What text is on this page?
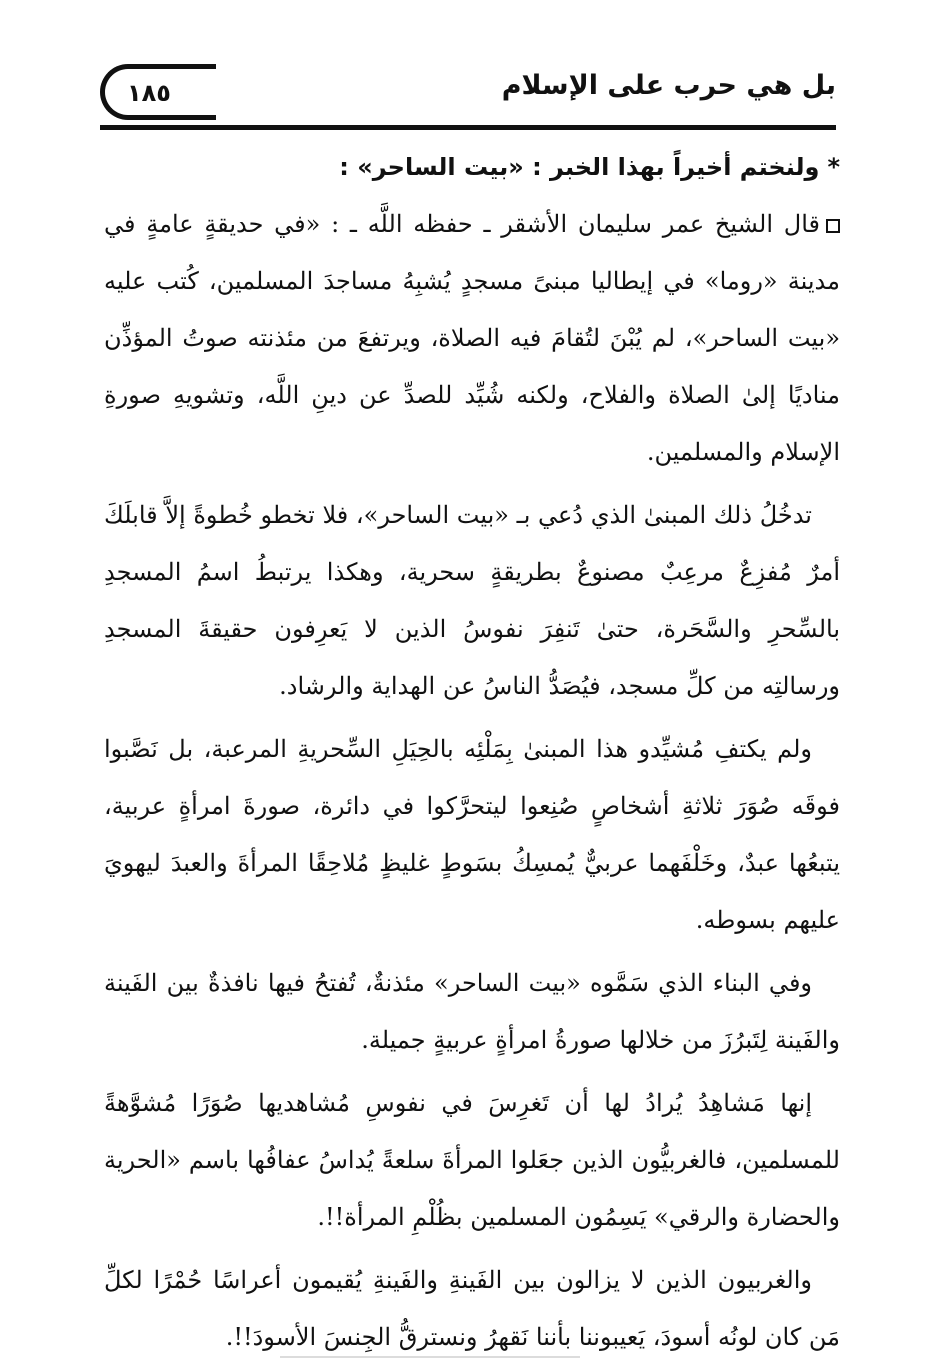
بل هي حرب على الإسلام
١٨٥
*ولنختم أخيراً بهذا الخبر : «بيت الساحر» :

قال الشيخ عمر سليمان الأشقر ـ حفظه اللَّه ـ : «في حديقةٍ عامةٍ في مدينة «روما» في إيطاليا مبنىً مسجدٍ يُشبِهُ مساجدَ المسلمين، كُتب عليه «بيت الساحر»، لم يُبْنَ لتُقامَ فيه الصلاة، ويرتفعَ من مئذنته صوتُ المؤذِّن مناديًا إلىٰ الصلاة والفلاح، ولكنه شُيِّد للصدِّ عن دينِ اللَّه، وتشويهِ صورةِ الإسلام والمسلمين.

تدخُلُ ذلك المبنىٰ الذي دُعي بـ «بيت الساحر»، فلا تخطو خُطوةً إلاَّ قابلَكَ أمرٌ مُفزِعٌ مرعِبٌ مصنوعٌ بطريقةٍ سحرية، وهكذا يرتبطُ اسمُ المسجدِ بالسِّحرِ والسَّحَرة، حتىٰ تَنفِرَ نفوسُ الذين لا يَعرِفون حقيقةَ المسجدِ ورسالتِه من كلِّ مسجد، فيُصَدُّ الناسُ عن الهداية والرشاد.

ولم يكتفِ مُشيِّدو هذا المبنىٰ بِمَلْئِه بالحِيَلِ السِّحريةِ المرعبة، بل نَصَّبوا فوقَه صُوَرَ ثلاثةِ أشخاصٍ صُنِعوا ليتحرَّكوا في دائرة، صورةَ امرأةٍ عربية، يتبعُها عبدٌ، وخَلْفَهما عربيٌّ يُمسِكُ بسَوطٍ غليظٍ مُلاحِقًا المرأةَ والعبدَ ليهويَ عليهم بسوطه.

وفي البناء الذي سَمَّوه «بيت الساحر» مئذنةٌ، تُفتحُ فيها نافذةٌ بين الفَينة والفَينة لِتَبرُزَ من خلالها صورةُ امرأةٍ عربيةٍ جميلة.

إنها مَشاهِدُ يُرادُ لها أن تَغرِسَ في نفوسِ مُشاهديها صُوَرًا مُشوَّهةً للمسلمين، فالغربيُّون الذين جعَلوا المرأةَ سلعةً يُداسُ عفافُها باسم «الحرية والحضارة والرقي» يَسِمُون المسلمين بظُلْمِ المرأة!!.

والغربيون الذين لا يزالون بين الفَينةِ والفَينةِ يُقيمون أعراسًا حُمْرًا لكلِّ مَن كان لونُه أسودَ، يَعيبوننا بأننا نَقهرُ ونسترقُّ الجِنسَ الأسودَ!!.
